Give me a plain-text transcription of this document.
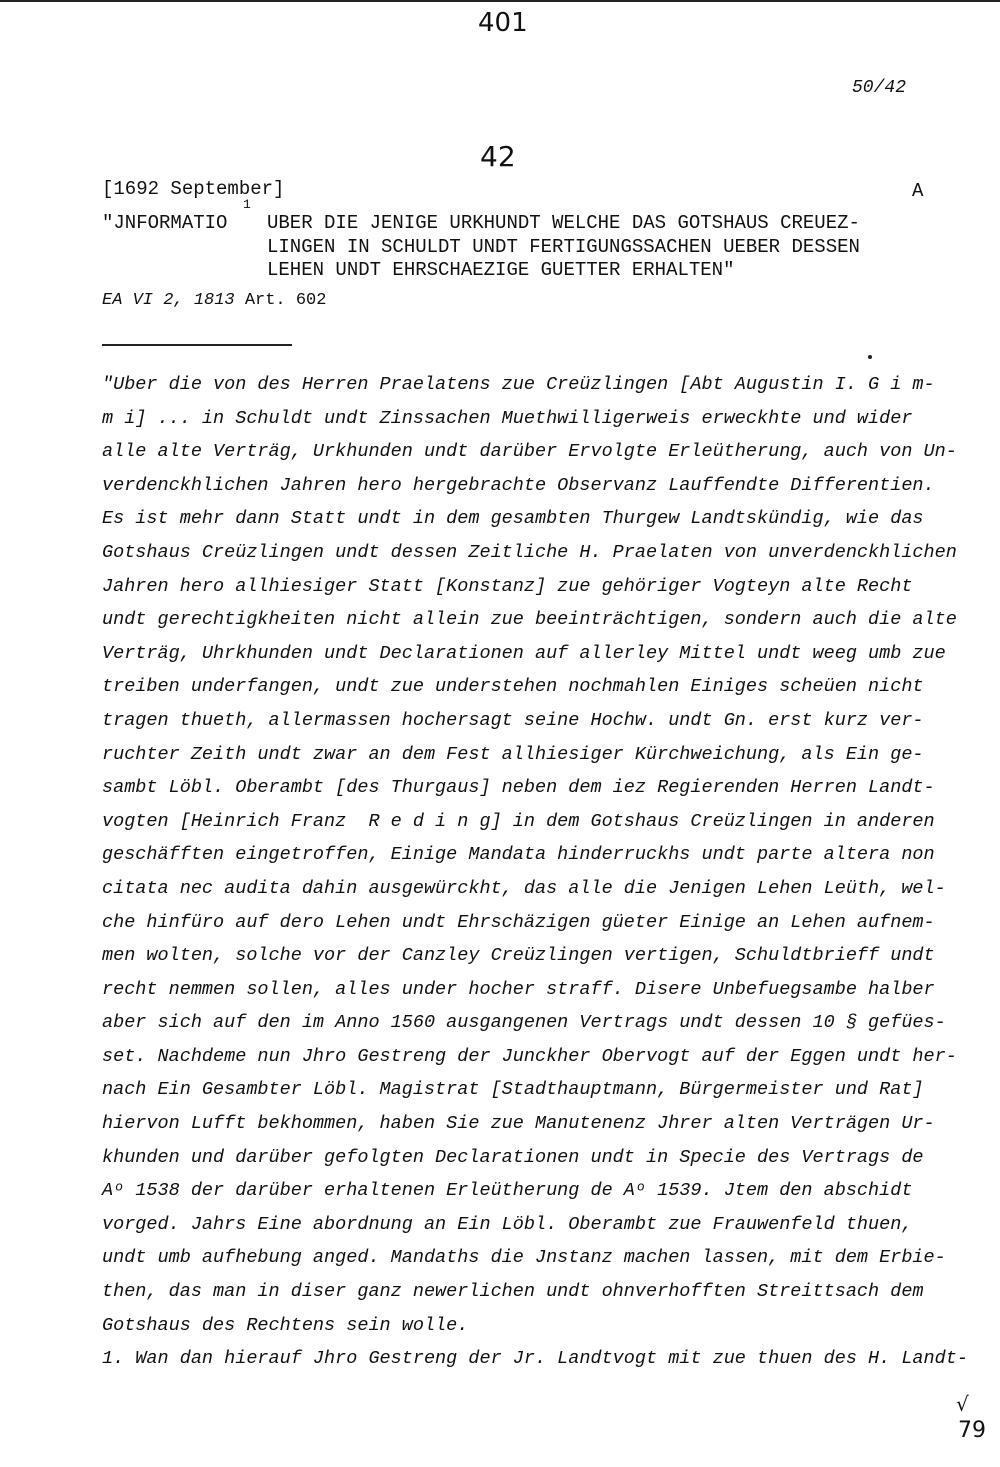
401
50/42
42
[1692 September]	A
"JNFORMATIO
1
UBER DIE JENIGE URKHUNDT WELCHE DAS GOTSHAUS CREUEZ-
LINGEN IN SCHULDT UNDT FERTIGUNGSSACHEN UEBER DESSEN
LEHEN UNDT EHRSCHAEZIGE GUETTER ERHALTEN"
EA VI 2, 1813 Art. 602
"Uber die von des Herren Praelatens zue Creüzlingen [Abt Augustin I. G i m-
m i] ... in Schuldt undt Zinssachen Muethwilligerweis erweckhte und wider
alle alte Verträg, Urkhunden undt darüber Ervolgte Erleütherung, auch von Un-
verdenckhlichen Jahren hero hergebrachte Observanz Lauffendte Differentien.
Es ist mehr dann Statt undt in dem gesambten Thurgew Landtskündig, wie das
Gotshaus Creüzlingen undt dessen Zeitliche H. Praelaten von unverdenckhlichen
Jahren hero allhiesiger Statt [Konstanz] zue gehöriger Vogteyn alte Recht
undt gerechtigkheiten nicht allein zue beeinträchtigen, sondern auch die alte
Verträg, Uhrkhunden undt Declarationen auf allerley Mittel undt weeg umb zue
treiben underfangen, undt zue understehen nochmahlen Einiges scheüen nicht
tragen thueth, allermassen hochersagt seine Hochw. undt Gn. erst kurz ver-
ruchter Zeith undt zwar an dem Fest allhiesiger Kürchweichung, als Ein ge-
sambt Löbl. Oberambt [des Thurgaus] neben dem iez Regierenden Herren Landt-
vogten [Heinrich Franz  R e d i n g] in dem Gotshaus Creüzlingen in anderen
geschäfften eingetroffen, Einige Mandata hinderruckhs undt parte altera non
citata nec audita dahin ausgewürckht, das alle die Jenigen Lehen Leüth, wel-
che hinfüro auf dero Lehen undt Ehrschäzigen güeter Einige an Lehen aufnem-
men wolten, solche vor der Canzley Creüzlingen vertigen, Schuldtbrieff undt
recht nemmen sollen, alles under hocher straff. Disere Unbefuegsambe halber
aber sich auf den im Anno 1560 ausgangenen Vertrags undt dessen 10 § gefües-
set. Nachdeme nun Jhro Gestreng der Junckher Obervogt auf der Eggen undt her-
nach Ein Gesambter Löbl. Magistrat [Stadthauptmann, Bürgermeister und Rat]
hiervon Lufft bekhommen, haben Sie zue Manutenenz Jhrer alten Verträgen Ur-
khunden und darüber gefolgten Declarationen undt in Specie des Vertrags de
Aᵒ 1538 der darüber erhaltenen Erleütherung de Aᵒ 1539. Jtem den abschidt
vorged. Jahrs Eine abordnung an Ein Löbl. Oberambt zue Frauwenfeld thuen,
undt umb aufhebung anged. Mandaths die Jnstanz machen lassen, mit dem Erbie-
then, das man in diser ganz newerlichen undt ohnverhofften Streittsach dem
Gotshaus des Rechtens sein wolle.
1. Wan dan hierauf Jhro Gestreng der Jr. Landtvogt mit zue thuen des H. Landt-
√
79
